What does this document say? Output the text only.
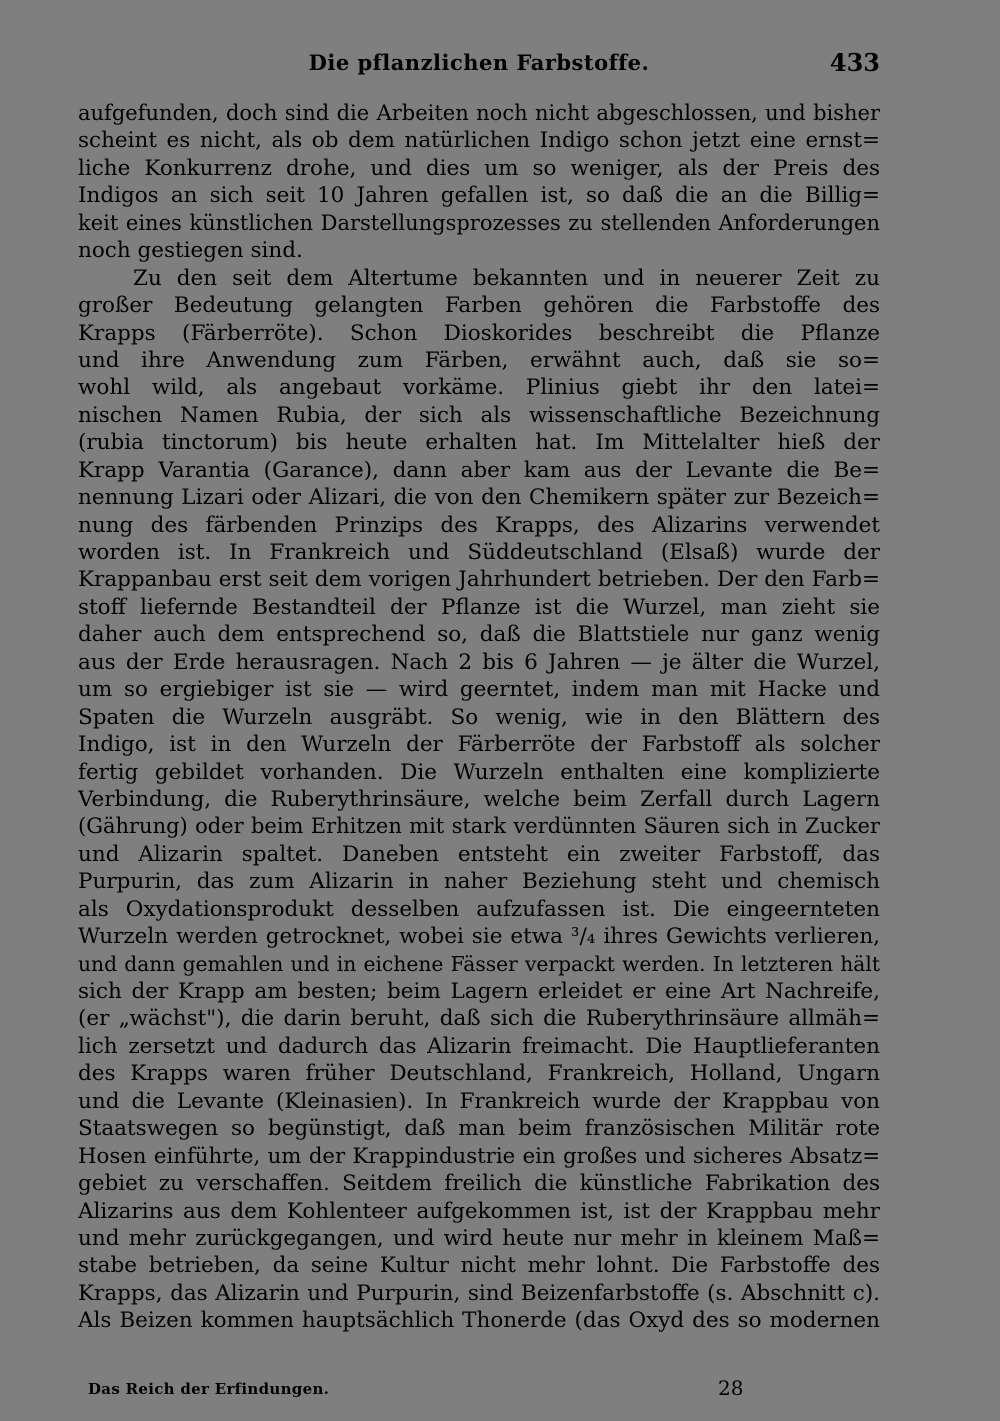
Die pflanzlichen Farbstoffe.	433
aufgefunden, doch sind die Arbeiten noch nicht abgeschlossen, und bisher
scheint es nicht, als ob dem natürlichen Indigo schon jetzt eine ernst=
liche Konkurrenz drohe, und dies um so weniger, als der Preis des
Indigos an sich seit 10 Jahren gefallen ist, so daß die an die Billig=
keit eines künstlichen Darstellungsprozesses zu stellenden Anforderungen
noch gestiegen sind.
Zu den seit dem Altertume bekannten und in neuerer Zeit zu
großer Bedeutung gelangten Farben gehören die Farbstoffe des
Krapps (Färberröte). Schon Dioskorides beschreibt die Pflanze
und ihre Anwendung zum Färben, erwähnt auch, daß sie so=
wohl wild, als angebaut vorkäme. Plinius giebt ihr den latei=
nischen Namen Rubia, der sich als wissenschaftliche Bezeichnung
(rubia tinctorum) bis heute erhalten hat. Im Mittelalter hieß der
Krapp Varantia (Garance), dann aber kam aus der Levante die Be=
nennung Lizari oder Alizari, die von den Chemikern später zur Bezeich=
nung des färbenden Prinzips des Krapps, des Alizarins verwendet
worden ist. In Frankreich und Süddeutschland (Elsaß) wurde der
Krappanbau erst seit dem vorigen Jahrhundert betrieben. Der den Farb=
stoff liefernde Bestandteil der Pflanze ist die Wurzel, man zieht sie
daher auch dem entsprechend so, daß die Blattstiele nur ganz wenig
aus der Erde herausragen. Nach 2 bis 6 Jahren — je älter die Wurzel,
um so ergiebiger ist sie — wird geerntet, indem man mit Hacke und
Spaten die Wurzeln ausgräbt. So wenig, wie in den Blättern des
Indigo, ist in den Wurzeln der Färberröte der Farbstoff als solcher
fertig gebildet vorhanden. Die Wurzeln enthalten eine komplizierte
Verbindung, die Ruberythrinsäure, welche beim Zerfall durch Lagern
(Gährung) oder beim Erhitzen mit stark verdünnten Säuren sich in Zucker
und Alizarin spaltet. Daneben entsteht ein zweiter Farbstoff, das
Purpurin, das zum Alizarin in naher Beziehung steht und chemisch
als Oxydationsprodukt desselben aufzufassen ist. Die eingeernteten
Wurzeln werden getrocknet, wobei sie etwa ³/₄ ihres Gewichts verlieren,
und dann gemahlen und in eichene Fässer verpackt werden. In letzteren hält
sich der Krapp am besten; beim Lagern erleidet er eine Art Nachreife,
(er „wächst"), die darin beruht, daß sich die Ruberythrinsäure allmäh=
lich zersetzt und dadurch das Alizarin freimacht. Die Hauptlieferanten
des Krapps waren früher Deutschland, Frankreich, Holland, Ungarn
und die Levante (Kleinasien). In Frankreich wurde der Krappbau von
Staatswegen so begünstigt, daß man beim französischen Militär rote
Hosen einführte, um der Krappindustrie ein großes und sicheres Absatz=
gebiet zu verschaffen. Seitdem freilich die künstliche Fabrikation des
Alizarins aus dem Kohlenteer aufgekommen ist, ist der Krappbau mehr
und mehr zurückgegangen, und wird heute nur mehr in kleinem Maß=
stabe betrieben, da seine Kultur nicht mehr lohnt. Die Farbstoffe des
Krapps, das Alizarin und Purpurin, sind Beizenfarbstoffe (s. Abschnitt c).
Als Beizen kommen hauptsächlich Thonerde (das Oxyd des so modernen
Das Reich der Erfindungen.	28
